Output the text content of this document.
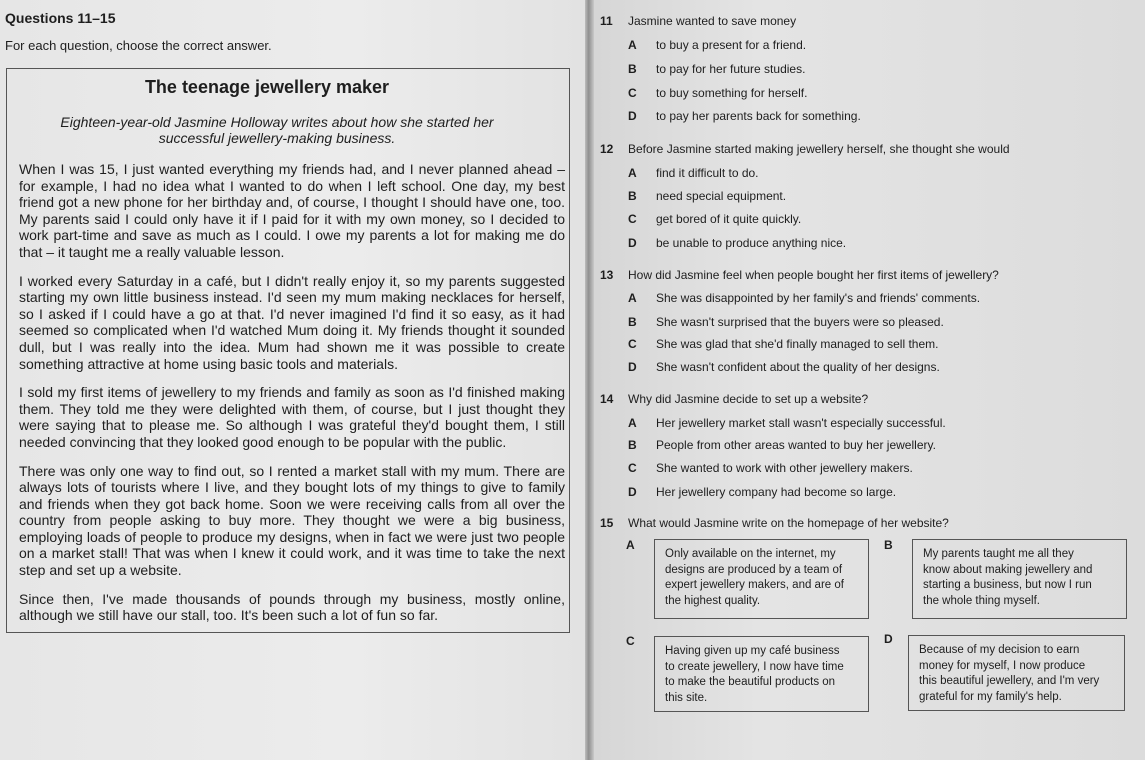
Questions 11–15
For each question, choose the correct answer.
The teenage jewellery maker
Eighteen-year-old Jasmine Holloway writes about how she started her successful jewellery-making business.

When I was 15, I just wanted everything my friends had, and I never planned ahead – for example, I had no idea what I wanted to do when I left school. One day, my best friend got a new phone for her birthday and, of course, I thought I should have one, too. My parents said I could only have it if I paid for it with my own money, so I decided to work part-time and save as much as I could. I owe my parents a lot for making me do that – it taught me a really valuable lesson.

I worked every Saturday in a café, but I didn't really enjoy it, so my parents suggested starting my own little business instead. I'd seen my mum making necklaces for herself, so I asked if I could have a go at that. I'd never imagined I'd find it so easy, as it had seemed so complicated when I'd watched Mum doing it. My friends thought it sounded dull, but I was really into the idea. Mum had shown me it was possible to create something attractive at home using basic tools and materials.

I sold my first items of jewellery to my friends and family as soon as I'd finished making them. They told me they were delighted with them, of course, but I just thought they were saying that to please me. So although I was grateful they'd bought them, I still needed convincing that they looked good enough to be popular with the public.

There was only one way to find out, so I rented a market stall with my mum. There are always lots of tourists where I live, and they bought lots of my things to give to family and friends when they got back home. Soon we were receiving calls from all over the country from people asking to buy more. They thought we were a big business, employing loads of people to produce my designs, when in fact we were just two people on a market stall! That was when I knew it could work, and it was time to take the next step and set up a website.

Since then, I've made thousands of pounds through my business, mostly online, although we still have our stall, too. It's been such a lot of fun so far.

11	Jasmine wanted to save money
A	to buy a present for a friend.
B	to pay for her future studies.
C	to buy something for herself.
D	to pay her parents back for something.
12	Before Jasmine started making jewellery herself, she thought she would
A	find it difficult to do.
B	need special equipment.
C	get bored of it quite quickly.
D	be unable to produce anything nice.
13	How did Jasmine feel when people bought her first items of jewellery?
A	She was disappointed by her family's and friends' comments.
B	She wasn't surprised that the buyers were so pleased.
C	She was glad that she'd finally managed to sell them.
D	She wasn't confident about the quality of her designs.
14	Why did Jasmine decide to set up a website?
A	Her jewellery market stall wasn't especially successful.
B	People from other areas wanted to buy her jewellery.
C	She wanted to work with other jewellery makers.
D	Her jewellery company had become so large.
15	What would Jasmine write on the homepage of her website?
A
Only available on the internet, my
designs are produced by a team of
expert jewellery makers, and are of
the highest quality.
B
My parents taught me all they
know about making jewellery and
starting a business, but now I run
the whole thing myself.
C
Having given up my café business
to create jewellery, I now have time
to make the beautiful products on
this site.
D
Because of my decision to earn
money for myself, I now produce
this beautiful jewellery, and I'm very
grateful for my family's help.
